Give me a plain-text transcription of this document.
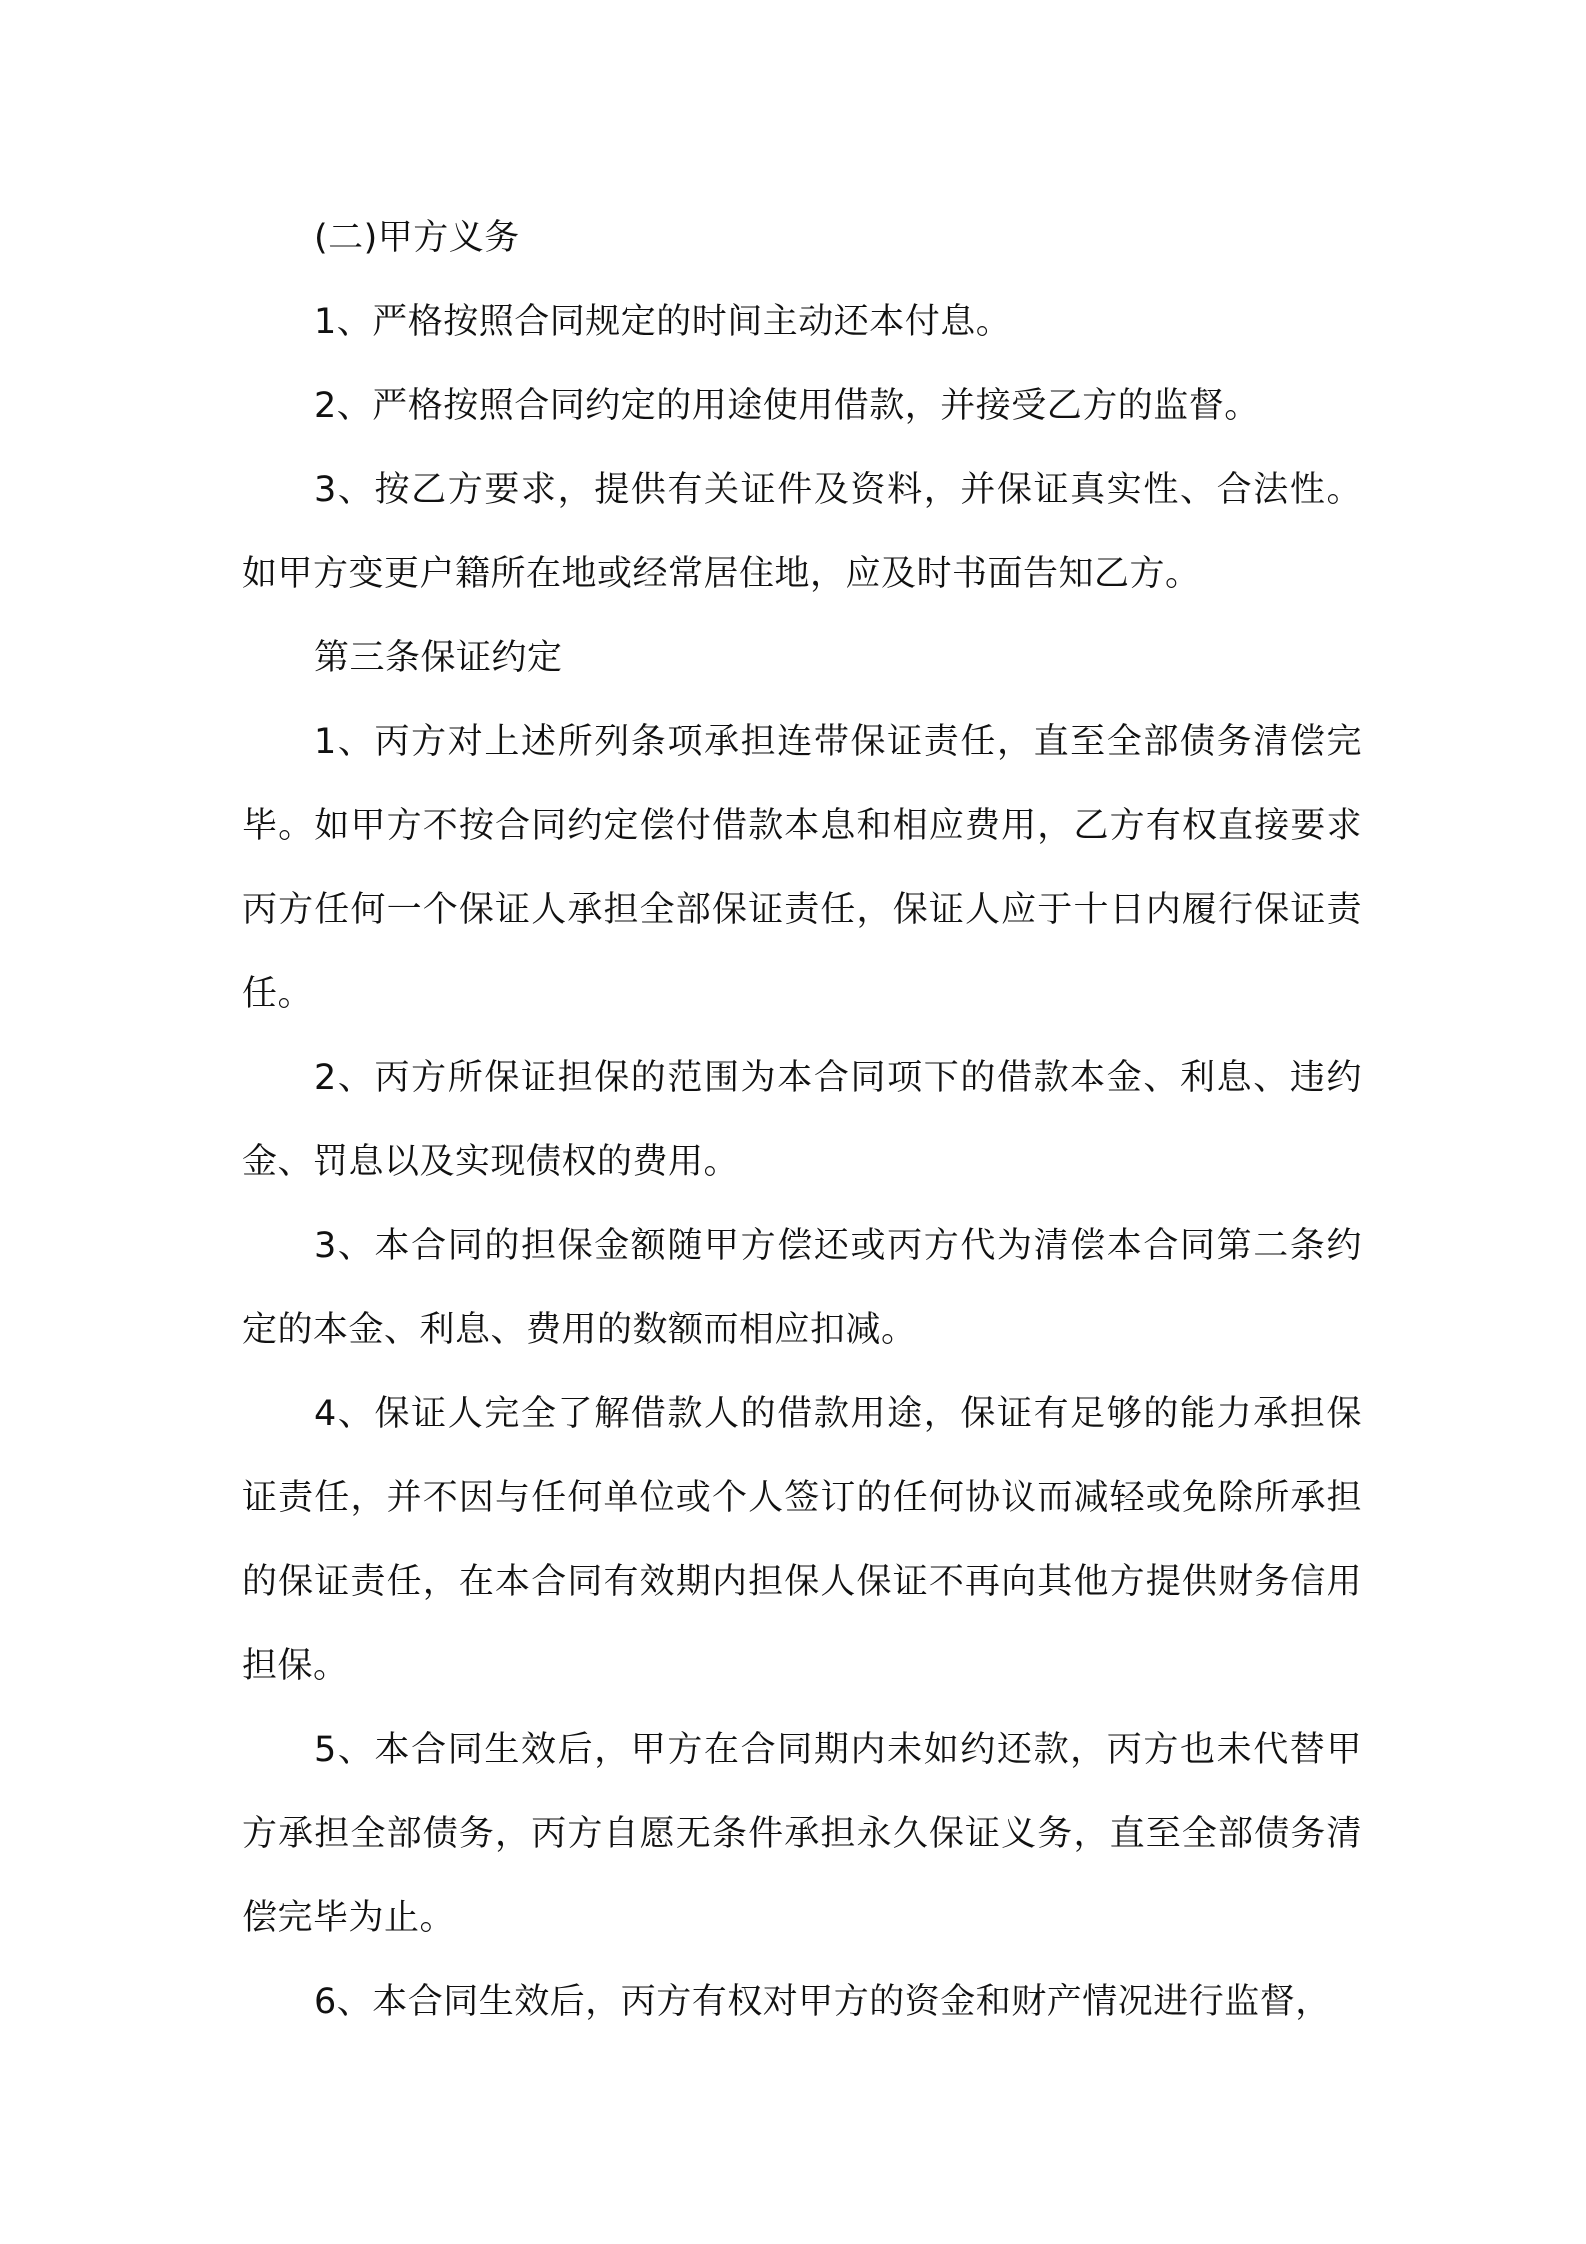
(二)甲方义务

1、严格按照合同规定的时间主动还本付息。

2、严格按照合同约定的用途使用借款，并接受乙方的监督。

3、按乙方要求，提供有关证件及资料，并保证真实性、合法性。如甲方变更户籍所在地或经常居住地，应及时书面告知乙方。

第三条保证约定

1、丙方对上述所列条项承担连带保证责任，直至全部债务清偿完毕。如甲方不按合同约定偿付借款本息和相应费用，乙方有权直接要求丙方任何一个保证人承担全部保证责任，保证人应于十日内履行保证责任。

2、丙方所保证担保的范围为本合同项下的借款本金、利息、违约金、罚息以及实现债权的费用。

3、本合同的担保金额随甲方偿还或丙方代为清偿本合同第二条约定的本金、利息、费用的数额而相应扣减。

4、保证人完全了解借款人的借款用途，保证有足够的能力承担保证责任，并不因与任何单位或个人签订的任何协议而减轻或免除所承担的保证责任，在本合同有效期内担保人保证不再向其他方提供财务信用担保。

5、本合同生效后，甲方在合同期内未如约还款，丙方也未代替甲方承担全部债务，丙方自愿无条件承担永久保证义务，直至全部债务清偿完毕为止。

6、本合同生效后，丙方有权对甲方的资金和财产情况进行监督，
